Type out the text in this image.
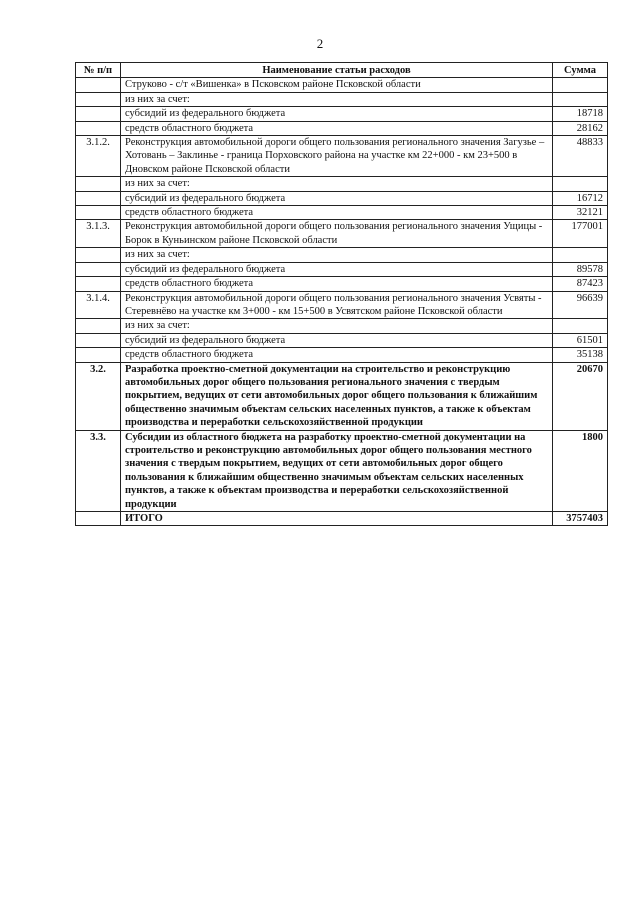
2
№ п/п	Наименование статьи расходов	Сумма
	Струково - с/т «Вишенка» в Псковском районе Псковской области	
	из них за счет:	
	субсидий из федерального бюджета	18718
	средств областного бюджета	28162
3.1.2.	Реконструкция автомобильной дороги общего пользования регионального значения Загузье – Хотовань – Заклинье - граница Порховского района на участке км 22+000 - км 23+500 в Дновском районе Псковской области	48833
	из них за счет:	
	субсидий из федерального бюджета	16712
	средств областного бюджета	32121
3.1.3.	Реконструкция автомобильной дороги общего пользования регионального значения Ущицы - Борок в Куньинском районе Псковской области	177001
	из них за счет:	
	субсидий из федерального бюджета	89578
	средств областного бюджета	87423
3.1.4.	Реконструкция автомобильной дороги общего пользования регионального значения Усвяты - Стеревнёво на участке км 3+000 - км 15+500 в Усвятском районе Псковской области	96639
	из них за счет:	
	субсидий из федерального бюджета	61501
	средств областного бюджета	35138
3.2.	Разработка проектно-сметной документации на строительство и реконструкцию автомобильных дорог общего пользования регионального значения с твердым покрытием, ведущих от сети автомобильных дорог общего пользования к ближайшим общественно значимым объектам сельских населенных пунктов, а также к объектам производства и переработки сельскохозяйственной продукции	20670
3.3.	Субсидии из областного бюджета на разработку проектно-сметной документации на строительство и реконструкцию автомобильных дорог общего пользования местного значения с твердым покрытием, ведущих от сети автомобильных дорог общего пользования к ближайшим общественно значимым объектам сельских населенных пунктов, а также к объектам производства и переработки сельскохозяйственной продукции	1800
	ИТОГО	3757403
